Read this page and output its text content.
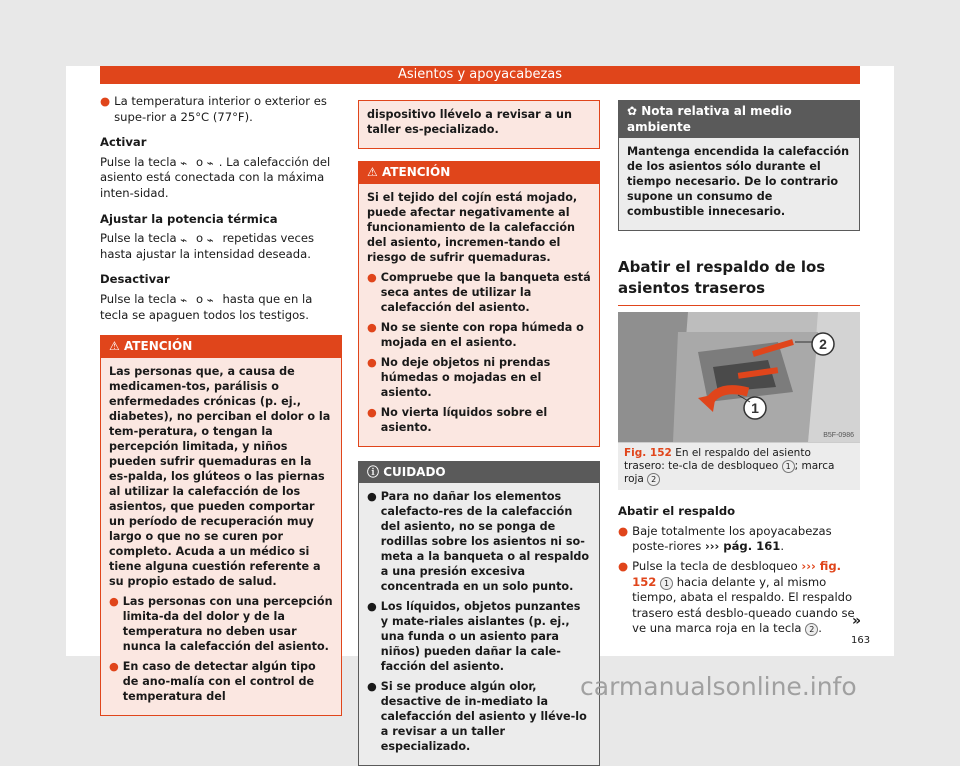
Asientos y apoyacabezas
● La temperatura interior o exterior es supe-rior a 25°C (77°F).
Activar

Pulse la tecla ⌁ o ⌁ . La calefacción del asiento está conectada con la máxima inten-sidad.

Ajustar la potencia térmica

Pulse la tecla ⌁ o ⌁ repetidas veces hasta ajustar la intensidad deseada.

Desactivar

Pulse la tecla ⌁ o ⌁ hasta que en la tecla se apaguen todos los testigos.

⚠ ATENCIÓN

Las personas que, a causa de medicamen-tos, parálisis o enfermedades crónicas (p. ej., diabetes), no perciban el dolor o la tem-peratura, o tengan la percepción limitada, y niños pueden sufrir quemaduras en la es-palda, los glúteos o las piernas al utilizar la calefacción de los asientos, que pueden comportar un período de recuperación muy largo o que no se curen por completo. Acuda a un médico si tiene alguna cuestión referente a su propio estado de salud.

● Las personas con una percepción limita-da del dolor y de la temperatura no deben usar nunca la calefacción del asiento.
● En caso de detectar algún tipo de ano-malía con el control de temperatura del

dispositivo llévelo a revisar a un taller es-pecializado.

⚠ ATENCIÓN

Si el tejido del cojín está mojado, puede afectar negativamente al funcionamiento de la calefacción del asiento, incremen-tando el riesgo de sufrir quemaduras.

● Compruebe que la banqueta está seca antes de utilizar la calefacción del asiento.
● No se siente con ropa húmeda o mojada en el asiento.
● No deje objetos ni prendas húmedas o mojadas en el asiento.
● No vierta líquidos sobre el asiento.
ⓘ CUIDADO
● Para no dañar los elementos calefacto-res de la calefacción del asiento, no se ponga de rodillas sobre los asientos ni so-meta a la banqueta o al respaldo a una presión excesiva concentrada en un solo punto.
● Los líquidos, objetos punzantes y mate-riales aislantes (p. ej., una funda o un asiento para niños) pueden dañar la cale-facción del asiento.
● Si se produce algún olor, desactive de in-mediato la calefacción del asiento y lléve-lo a revisar a un taller especializado.
✿ Nota relativa al medio ambiente

Mantenga encendida la calefacción de los asientos sólo durante el tiempo necesario. De lo contrario supone un consumo de combustible innecesario.

Abatir el respaldo de los asientos traseros
2
1
B5F-0986
Fig. 152 En el respaldo del asiento trasero: te-cla de desbloqueo 1 ; marca roja 2
Abatir el respaldo
● Baje totalmente los apoyacabezas poste-riores ››› pág. 161.
● Pulse la tecla de desbloqueo ››› fig. 152 1 hacia delante y, al mismo tiempo, abata el respaldo. El respaldo trasero está desblo-queado cuando se ve una marca roja en la tecla 2 .	»
163
carmanualsonline.info
